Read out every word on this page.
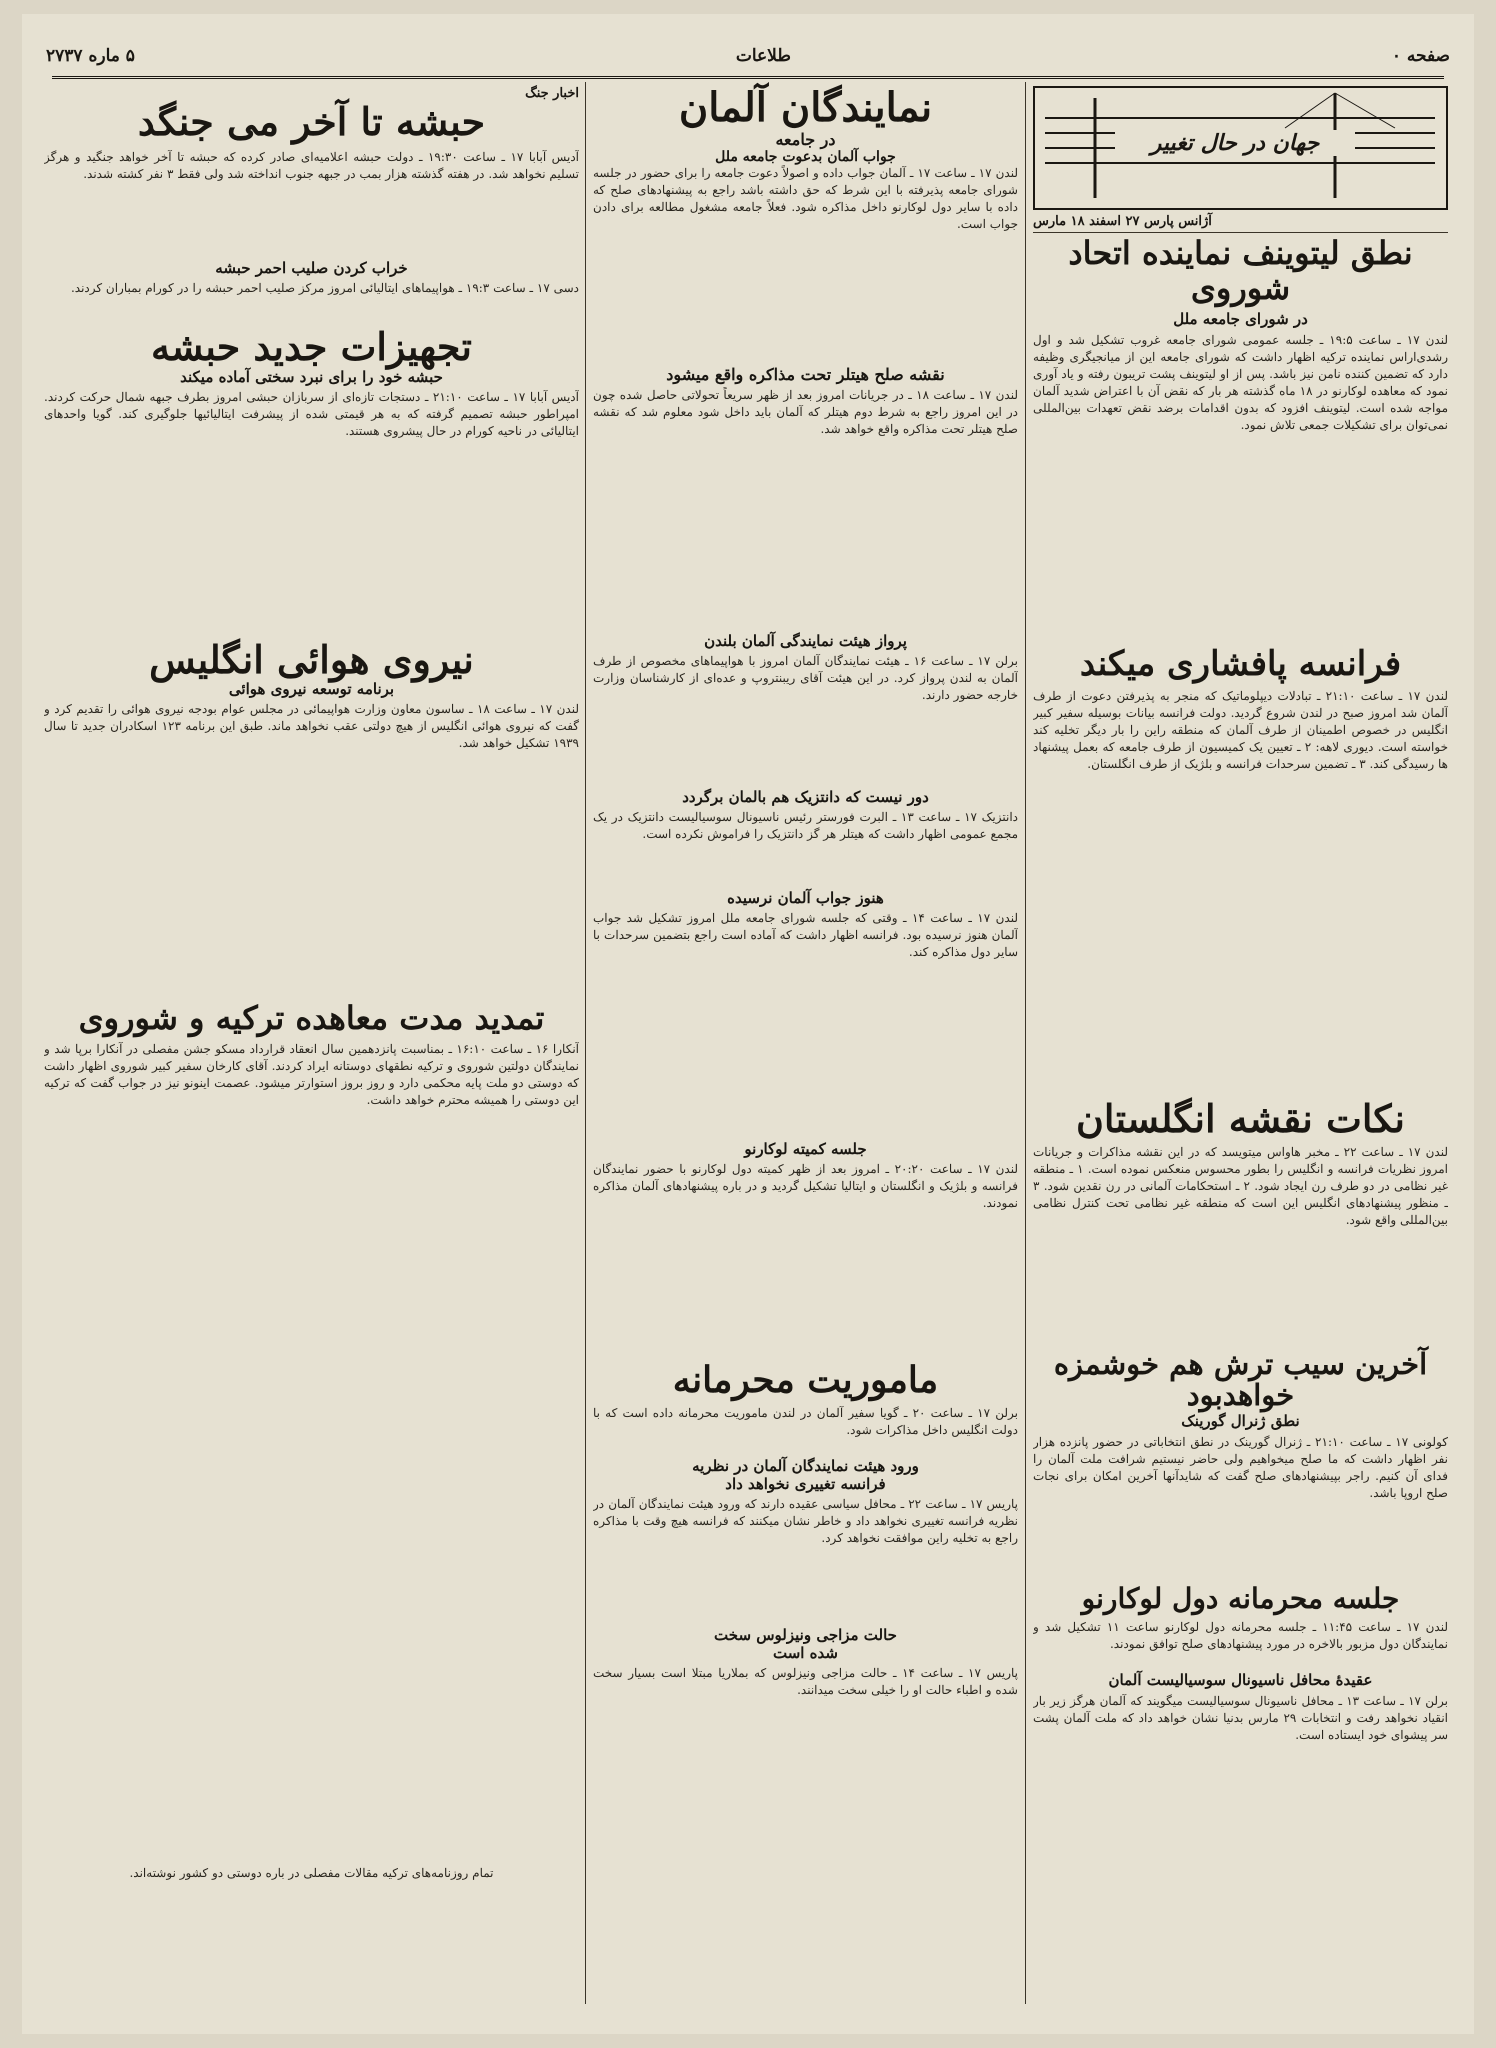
صفحه ۰
طلاعات
۵ ماره ۲۷۳۷
جهان در حال تغییر
آژانس پارس ۲۷ اسفند ۱۸ مارس
نطق لیتوینف نماینده اتحاد شوروی
در شورای جامعه ملل
لندن ۱۷ ـ ساعت ۱۹:۵ ـ جلسه عمومی شورای جامعه غروب تشکیل شد و اول رشدی‌اراس نماینده ترکیه اظهار داشت که شورای جامعه این از میانجیگری وظیفه دارد که تضمین کننده نامن نیز باشد. پس از او لیتوینف پشت تریبون رفته و یاد آوری نمود که معاهده لوکارنو در ۱۸ ماه گذشته هر بار که نقض آن با اعتراض شدید آلمان مواجه شده است. لیتوینف افزود که بدون اقدامات برضد نقض تعهدات بین‌المللی نمی‌توان برای تشکیلات جمعی تلاش نمود.
فرانسه پافشاری میکند
لندن ۱۷ ـ ساعت ۲۱:۱۰ ـ تبادلات دیپلوماتیک که منجر به پذیرفتن دعوت از طرف آلمان شد امروز صبح در لندن شروع گردید. دولت فرانسه بیانات بوسیله سفیر کبیر انگلیس در خصوص اطمینان از طرف آلمان که منطقه راین را بار دیگر تخلیه کند خواسته است. دیوری لاهه: ۲ ـ تعیین یک کمیسیون از طرف جامعه که بعمل پیشنهاد ها رسیدگی کند. ۳ ـ تضمین سرحدات فرانسه و بلژیک از طرف انگلستان.
نکات نقشه انگلستان
لندن ۱۷ ـ ساعت ۲۲ ـ مخبر هاواس میتویسد که در این نقشه مذاکرات و جریانات امروز نظریات فرانسه و انگلیس را بطور محسوس منعکس نموده است. ۱ ـ منطقه غیر نظامی در دو طرف رن ایجاد شود. ۲ ـ استحکامات آلمانی در رن نقدین شود. ۳ ـ منظور پیشنهادهای انگلیس این است که منطقه غیر نظامی تحت کنترل نظامی بین‌المللی واقع شود.
آخرین سیب ترش هم خوشمزه خواهدبود
نطق ژنرال گورینک
کولونی ۱۷ ـ ساعت ۲۱:۱۰ ـ ژنرال گورینک در نطق انتخاباتی در حضور پانزده هزار نفر اظهار داشت که ما صلح میخواهیم ولی حاضر نیستیم شرافت ملت آلمان را فدای آن کنیم. راجر بپیشنهادهای صلح گفت که شایدآنها آخرین امکان برای نجات صلح اروپا باشد.
جلسه محرمانه دول لوکارنو
لندن ۱۷ ـ ساعت ۱۱:۴۵ ـ جلسه محرمانه دول لوکارنو ساعت ۱۱ تشکیل شد و نمایندگان دول مزبور بالاخره در مورد پیشنهادهای صلح توافق نمودند.
عقیدهٔ محافل ناسیونال سوسیالیست آلمان
برلن ۱۷ ـ ساعت ۱۳ ـ محافل ناسیونال سوسیالیست میگویند که آلمان هرگز زیر بار انقیاد نخواهد رفت و انتخابات ۲۹ مارس بدنیا نشان خواهد داد که ملت آلمان پشت سر پیشوای خود ایستاده است.
نمایندگان آلمان
در جامعه
جواب آلمان بدعوت جامعه ملل
لندن ۱۷ ـ ساعت ۱۷ ـ آلمان جواب داده و اصولاً دعوت جامعه را برای حضور در جلسه شورای جامعه پذیرفته با این شرط که حق داشته باشد راجع به پیشنهادهای صلح که داده با سایر دول لوکارنو داخل مذاکره شود. فعلاً جامعه مشغول مطالعه برای دادن جواب است.
نقشه صلح هیتلر تحت مذاکره واقع میشود
لندن ۱۷ ـ ساعت ۱۸ ـ در جریانات امروز بعد از ظهر سریعاً تحولاتی حاصل شده چون در این امروز راجع به شرط دوم هیتلر که آلمان باید داخل شود معلوم شد که نقشه صلح هیتلر تحت مذاکره واقع خواهد شد.
پرواز هیئت نمایندگی آلمان بلندن
برلن ۱۷ ـ ساعت ۱۶ ـ هیئت نمایندگان آلمان امروز با هواپیماهای مخصوص از طرف آلمان به لندن پرواز کرد. در این هیئت آقای ریبنتروپ و عده‌ای از کارشناسان وزارت خارجه حضور دارند.
دور نیست که دانتزیک هم بالمان برگردد
دانتزیک ۱۷ ـ ساعت ۱۳ ـ البرت فورستر رئیس ناسیونال سوسیالیست دانتزیک در یک مجمع عمومی اظهار داشت که هیتلر هر گز دانتزیک را فراموش نکرده است.
هنوز جواب آلمان نرسیده
لندن ۱۷ ـ ساعت ۱۴ ـ وقتی که جلسه شورای جامعه ملل امروز تشکیل شد جواب آلمان هنوز نرسیده بود. فرانسه اظهار داشت که آماده است راجع بتضمین سرحدات با سایر دول مذاکره کند.
جلسه کمیته لوکارنو
لندن ۱۷ ـ ساعت ۲۰:۲۰ ـ امروز بعد از ظهر کمیته دول لوکارنو با حضور نمایندگان فرانسه و بلژیک و انگلستان و ایتالیا تشکیل گردید و در باره پیشنهادهای آلمان مذاکره نمودند.
ماموریت محرمانه
برلن ۱۷ ـ ساعت ۲۰ ـ گویا سفیر آلمان در لندن ماموریت محرمانه داده است که با دولت انگلیس داخل مذاکرات شود.
ورود هیئت نمایندگان آلمان در نظریه
فرانسه تغییری نخواهد داد
پاریس ۱۷ ـ ساعت ۲۲ ـ محافل سیاسی عقیده دارند که ورود هیئت نمایندگان آلمان در نظریه فرانسه تغییری نخواهد داد و خاطر نشان میکنند که فرانسه هیچ وقت با مذاکره راجع به تخلیه راین موافقت نخواهد کرد.
حالت مزاجی ونیزلوس سخت
شده است
پاریس ۱۷ ـ ساعت ۱۴ ـ حالت مزاجی ونیزلوس که بملاریا مبتلا است بسیار سخت شده و اطباء حالت او را خیلی سخت میدانند.
اخبار جنگ
حبشه تا آخر می جنگد
آدیس آبابا ۱۷ ـ ساعت ۱۹:۳۰ ـ دولت حبشه اعلامیه‌ای صادر کرده که حبشه تا آخر خواهد جنگید و هرگز تسلیم نخواهد شد. در هفته گذشته هزار بمب در جبهه جنوب انداخته شد ولی فقط ۳ نفر کشته شدند.
خراب کردن صلیب احمر حبشه
دسی ۱۷ ـ ساعت ۱۹:۳ ـ هواپیماهای ایتالیائی امروز مرکز صلیب احمر حبشه را در کورام بمباران کردند.
تجهیزات جدید حبشه
حبشه خود را برای نبرد سختی آماده میکند
آدیس آبابا ۱۷ ـ ساعت ۲۱:۱۰ ـ دستجات تازه‌ای از سربازان حبشی امروز بطرف جبهه شمال حرکت کردند. امپراطور حبشه تصمیم گرفته که به هر قیمتی شده از پیشرفت ایتالیائیها جلوگیری کند. گویا واحدهای ایتالیائی در ناحیه کورام در حال پیشروی هستند.
نیروی هوائی انگلیس
برنامه توسعه نیروی هوائی
لندن ۱۷ ـ ساعت ۱۸ ـ ساسون معاون وزارت هواپیمائی در مجلس عوام بودجه نیروی هوائی را تقدیم کرد و گفت که نیروی هوائی انگلیس از هیچ دولتی عقب نخواهد ماند. طبق این برنامه ۱۲۳ اسکادران جدید تا سال ۱۹۳۹ تشکیل خواهد شد.
تمدید مدت معاهده ترکیه و شوروی
آنکارا ۱۶ ـ ساعت ۱۶:۱۰ ـ بمناسبت پانزدهمین سال انعقاد قرارداد مسکو جشن مفصلی در آنکارا برپا شد و نمایندگان دولتین شوروی و ترکیه نطقهای دوستانه ایراد کردند. آقای کارخان سفیر کبیر شوروی اظهار داشت که دوستی دو ملت پایه محکمی دارد و روز بروز استوارتر میشود. عصمت اینونو نیز در جواب گفت که ترکیه این دوستی را همیشه محترم خواهد داشت.
تمام روزنامه‌های ترکیه مقالات مفصلی در باره دوستی دو کشور نوشته‌اند.
